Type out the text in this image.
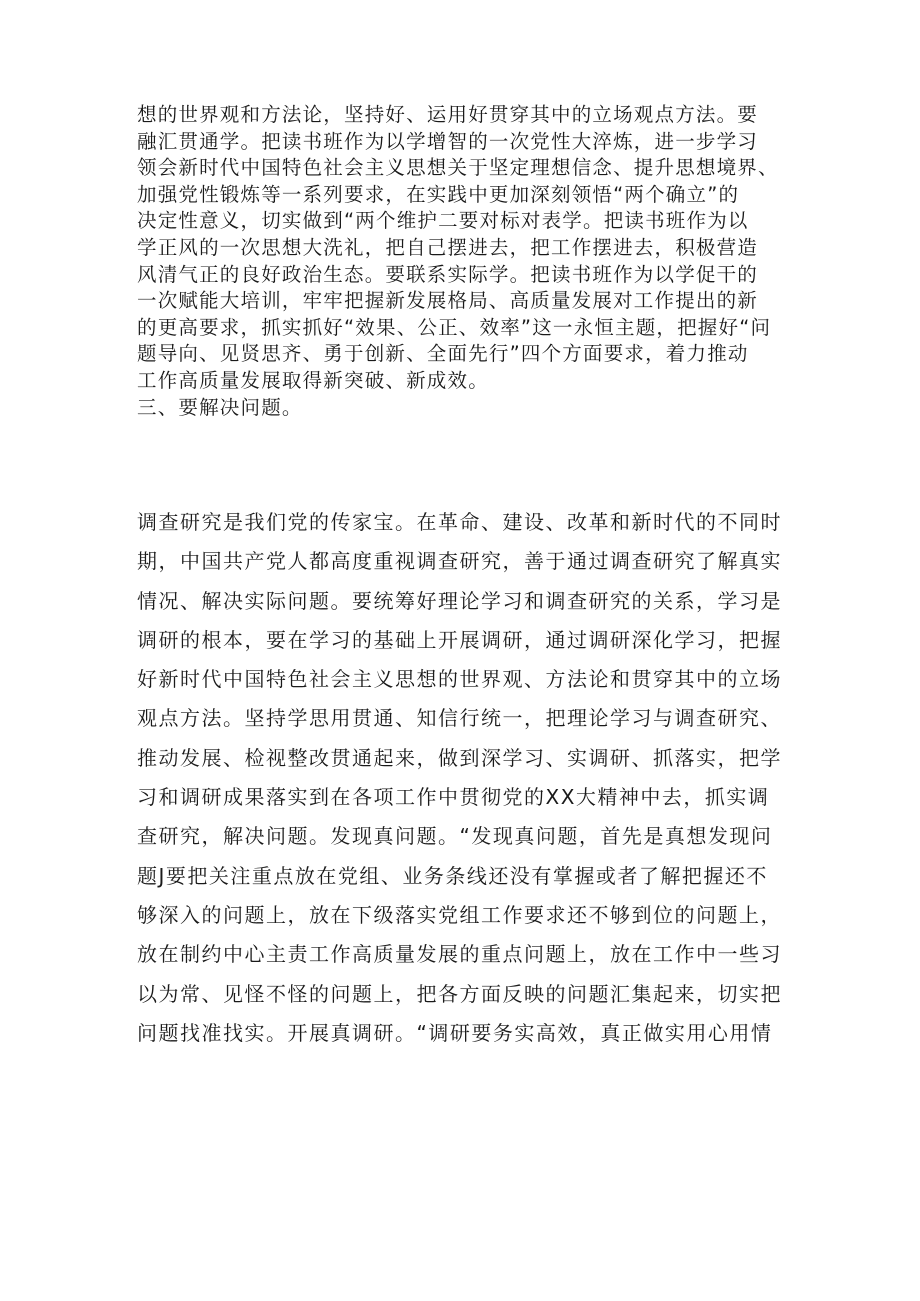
想的世界观和方法论，坚持好、运用好贯穿其中的立场观点方法。要
融汇贯通学。把读书班作为以学增智的一次党性大淬炼，进一步学习
领会新时代中国特色社会主义思想关于坚定理想信念、提升思想境界、
加强党性锻炼等一系列要求，在实践中更加深刻领悟“两个确立”的
决定性意义，切实做到“两个维护二要对标对表学。把读书班作为以
学正风的一次思想大洗礼，把自己摆进去，把工作摆进去，积极营造
风清气正的良好政治生态。要联系实际学。把读书班作为以学促干的
一次赋能大培训，牢牢把握新发展格局、高质量发展对工作提出的新
的更高要求，抓实抓好“效果、公正、效率”这一永恒主题，把握好“问
题导向、见贤思齐、勇于创新、全面先行”四个方面要求，着力推动
工作高质量发展取得新突破、新成效。
三、要解决问题。
调查研究是我们党的传家宝。在革命、建设、改革和新时代的不同时
期，中国共产党人都高度重视调查研究，善于通过调查研究了解真实
情况、解决实际问题。要统筹好理论学习和调查研究的关系，学习是
调研的根本，要在学习的基础上开展调研，通过调研深化学习，把握
好新时代中国特色社会主义思想的世界观、方法论和贯穿其中的立场
观点方法。坚持学思用贯通、知信行统一，把理论学习与调查研究、
推动发展、检视整改贯通起来，做到深学习、实调研、抓落实，把学
习和调研成果落实到在各项工作中贯彻党的XX大精神中去，抓实调
查研究，解决问题。发现真问题。“发现真问题，首先是真想发现问
题J要把关注重点放在党组、业务条线还没有掌握或者了解把握还不
够深入的问题上，放在下级落实党组工作要求还不够到位的问题上，
放在制约中心主责工作高质量发展的重点问题上，放在工作中一些习
以为常、见怪不怪的问题上，把各方面反映的问题汇集起来，切实把
问题找准找实。开展真调研。“调研要务实高效，真正做实用心用情
